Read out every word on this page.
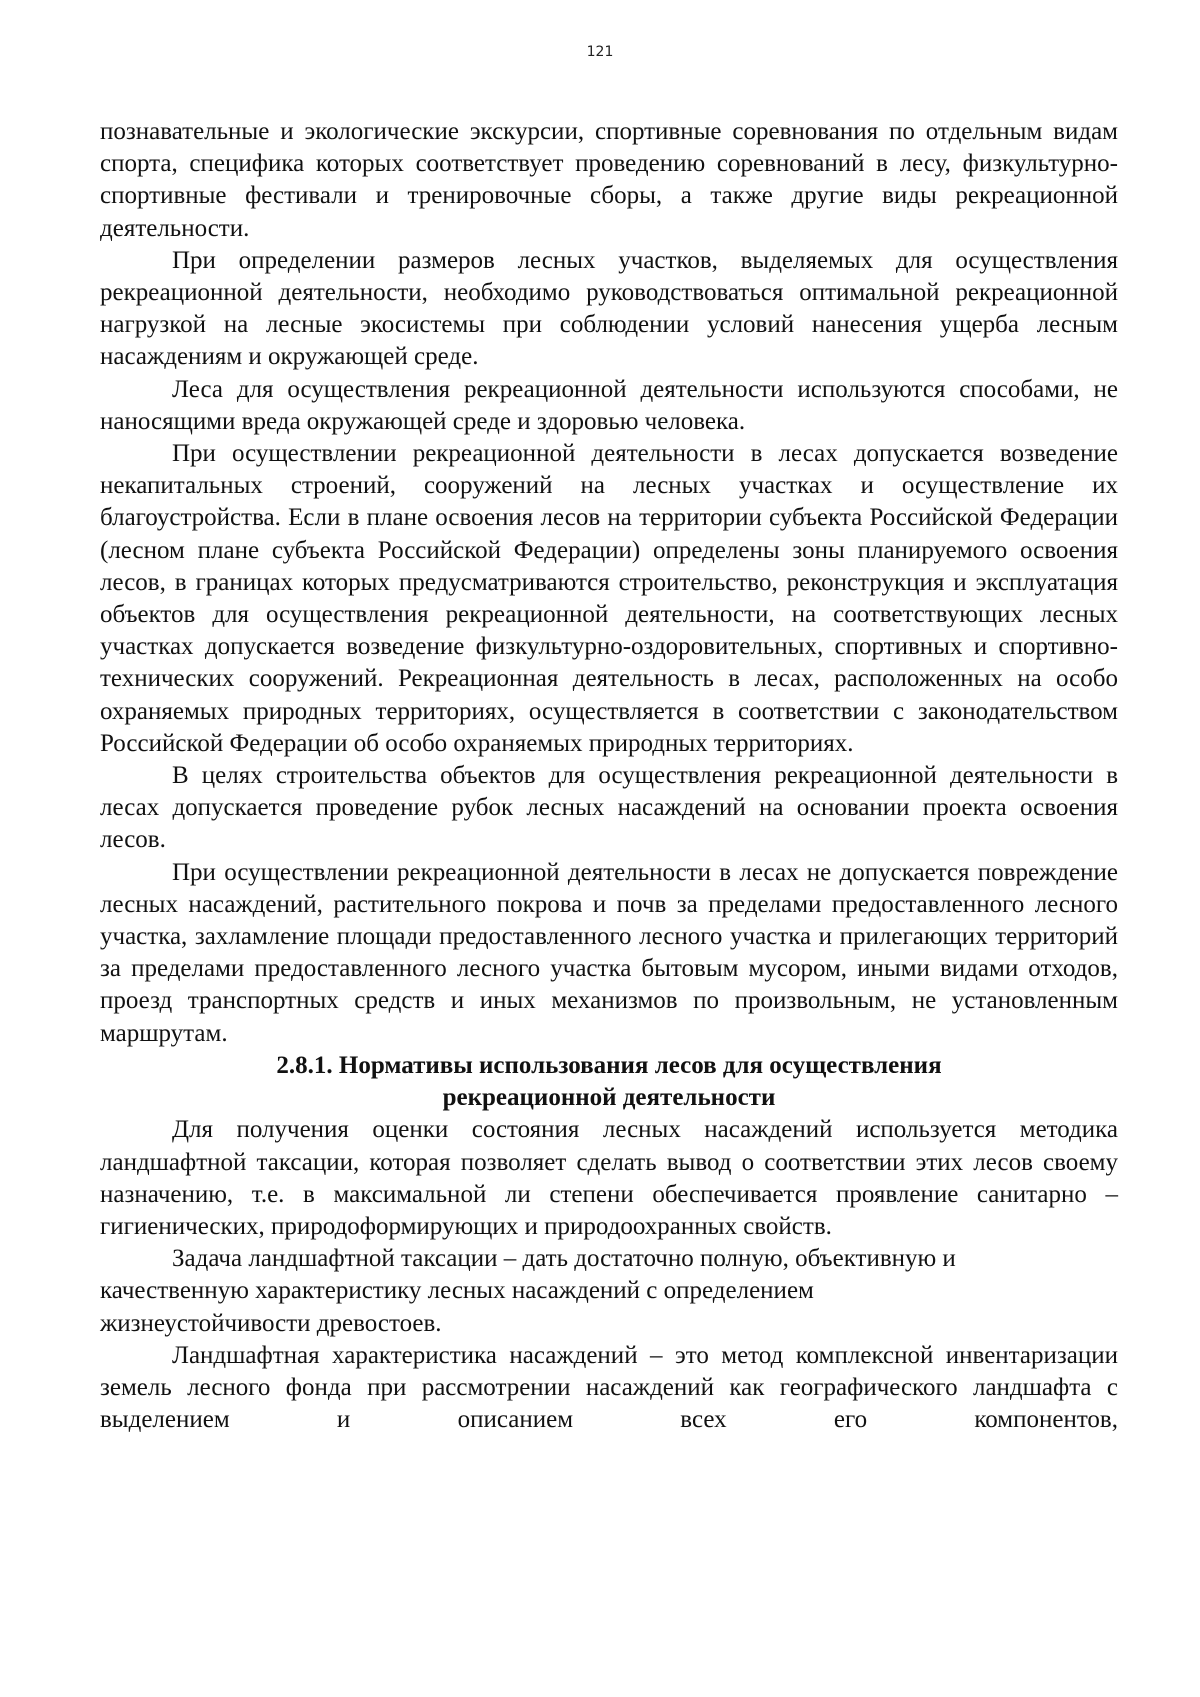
121

познавательные и экологические экскурсии, спортивные соревнования по отдельным видам спорта, специфика которых соответствует проведению соревнований в лесу, физкультурно-спортивные фестивали и тренировочные сборы, а также другие виды рекреационной деятельности.

При определении размеров лесных участков, выделяемых для осуществления рекреационной деятельности, необходимо руководствоваться оптимальной рекреационной нагрузкой на лесные экосистемы при соблюдении условий нанесения ущерба лесным насаждениям и окружающей среде.

Леса для осуществления рекреационной деятельности используются способами, не наносящими вреда окружающей среде и здоровью человека.

При осуществлении рекреационной деятельности в лесах допускается возведение некапитальных строений, сооружений на лесных участках и осуществление их благоустройства. Если в плане освоения лесов на территории субъекта Российской Федерации (лесном плане субъекта Российской Федерации) определены зоны планируемого освоения лесов, в границах которых предусматриваются строительство, реконструкция и эксплуатация объектов для осуществления рекреационной деятельности, на соответствующих лесных участках допускается возведение физкультурно-оздоровительных, спортивных и спортивно-технических сооружений. Рекреационная деятельность в лесах, расположенных на особо охраняемых природных территориях, осуществляется в соответствии с законодательством Российской Федерации об особо охраняемых природных территориях.

В целях строительства объектов для осуществления рекреационной деятельности в лесах допускается проведение рубок лесных насаждений на основании проекта освоения лесов.

При осуществлении рекреационной деятельности в лесах не допускается повреждение лесных насаждений, растительного покрова и почв за пределами предоставленного лесного участка, захламление площади предоставленного лесного участка и прилегающих территорий за пределами предоставленного лесного участка бытовым мусором, иными видами отходов, проезд транспортных средств и иных механизмов по произвольным, не установленным маршрутам.

2.8.1. Нормативы использования лесов для осуществления
рекреационной деятельности

Для получения оценки состояния лесных насаждений используется методика ландшафтной таксации, которая позволяет сделать вывод о соответствии этих лесов своему назначению, т.е. в максимальной ли степени обеспечивается проявление санитарно – гигиенических, природоформирующих и природоохранных свойств.

Задача ландшафтной таксации – дать достаточно полную, объективную и

качественную характеристику лесных насаждений с определением

жизнеустойчивости древостоев.

Ландшафтная характеристика насаждений – это метод комплексной инвентаризации земель лесного фонда при рассмотрении насаждений как географического ландшафта с выделением и описанием всех его компонентов,
